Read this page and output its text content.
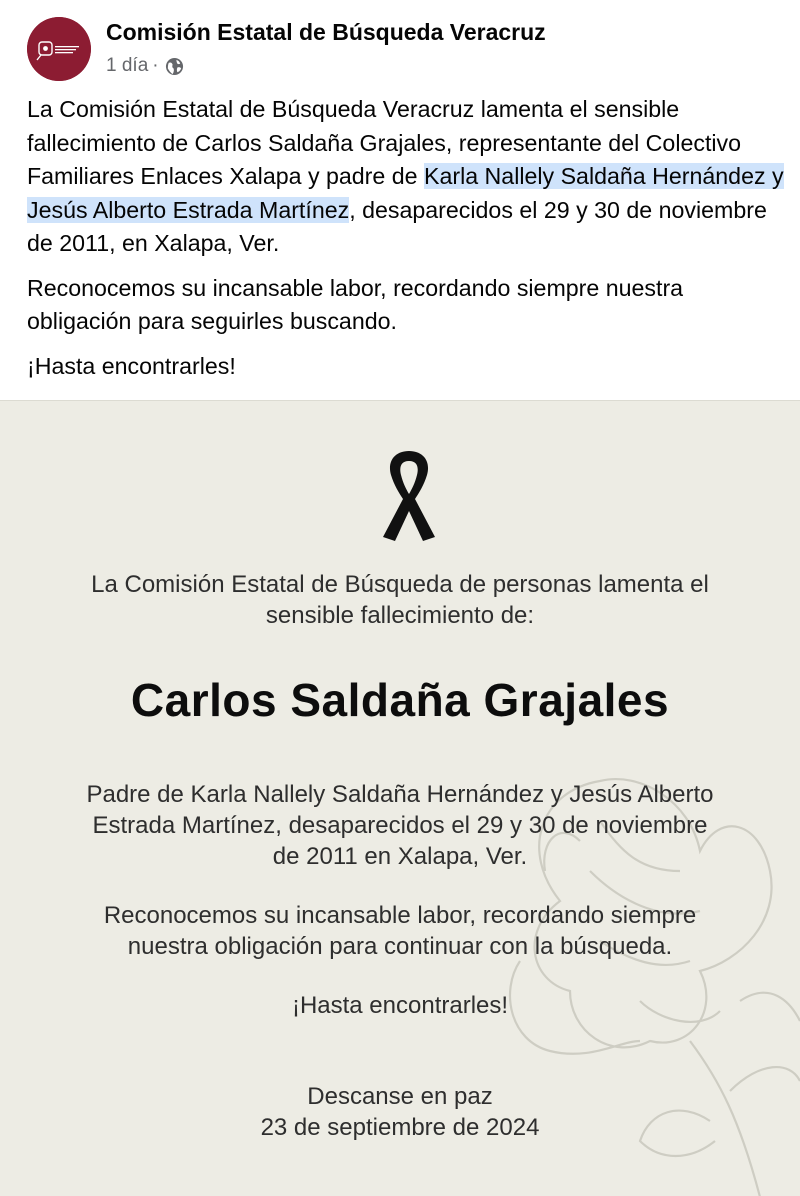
Comisión Estatal de Búsqueda Veracruz
1 día ·

La Comisión Estatal de Búsqueda Veracruz lamenta el sensible fallecimiento de Carlos Saldaña Grajales, representante del Colectivo Familiares Enlaces Xalapa y padre de Karla Nallely Saldaña Hernández y Jesús Alberto Estrada Martínez, desaparecidos el 29 y 30 de noviembre de 2011, en Xalapa, Ver.

Reconocemos su incansable labor, recordando siempre nuestra obligación para seguirles buscando.

¡Hasta encontrarles!

La Comisión Estatal de Búsqueda de personas lamenta el
sensible fallecimiento de:
Carlos Saldaña Grajales
Padre de Karla Nallely Saldaña Hernández y Jesús Alberto
Estrada Martínez, desaparecidos el 29 y 30 de noviembre
de 2011 en Xalapa, Ver.
Reconocemos su incansable labor, recordando siempre
nuestra obligación para continuar con la búsqueda.
¡Hasta encontrarles!
Descanse en paz
23 de septiembre de 2024
